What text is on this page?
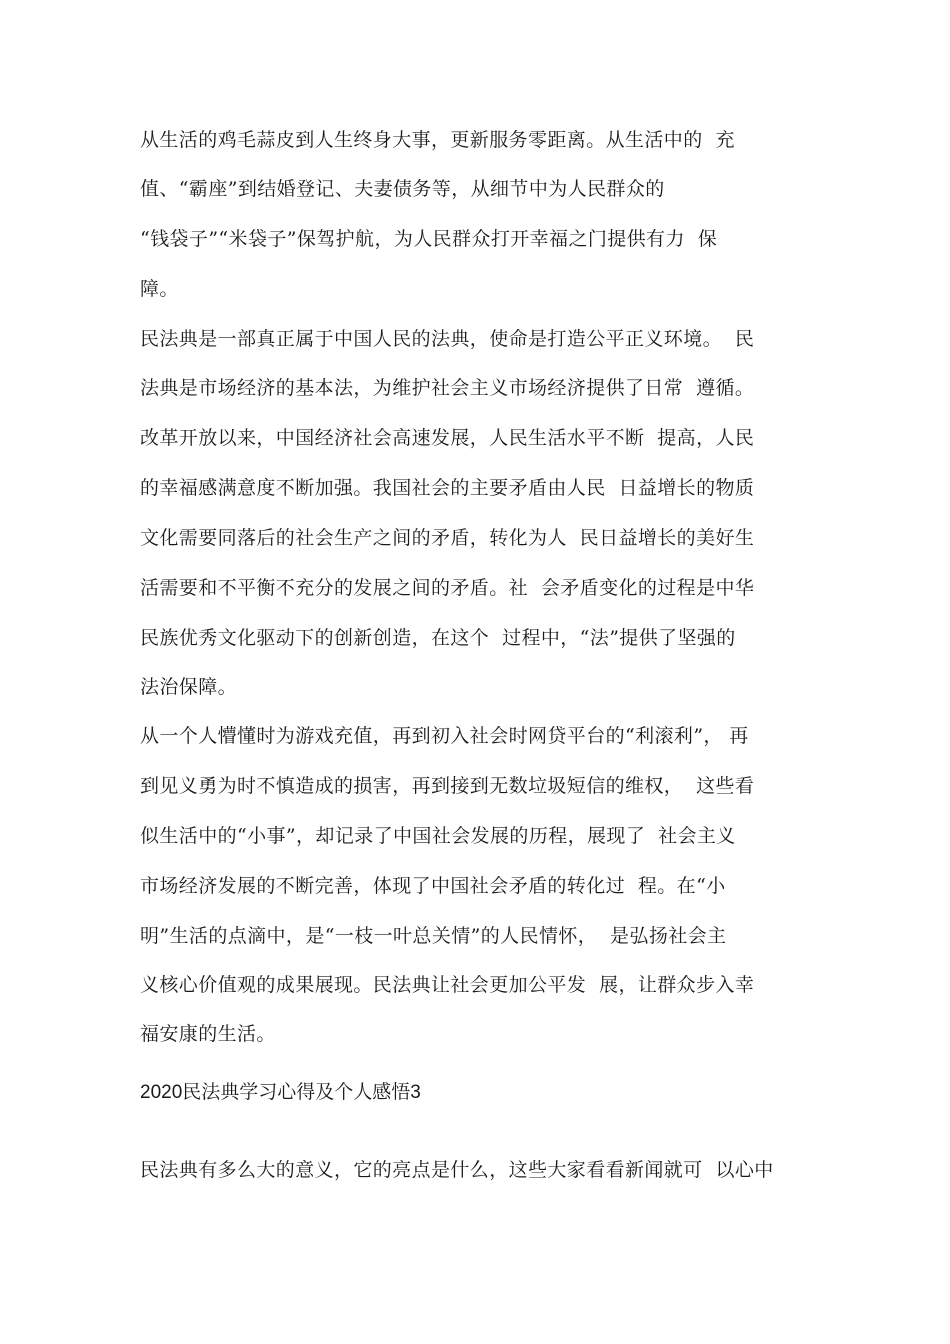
从生活的鸡毛蒜皮到人生终身大事，更新服务零距离。从生活中的  充
值、“霸座”到结婚登记、夫妻债务等，从细节中为人民群众的
“钱袋子”“米袋子”保驾护航，为人民群众打开幸福之门提供有力  保
障。
民法典是一部真正属于中国人民的法典，使命是打造公平正义环境。  民
法典是市场经济的基本法，为维护社会主义市场经济提供了日常  遵循。
改革开放以来，中国经济社会高速发展，人民生活水平不断  提高，人民
的幸福感满意度不断加强。我国社会的主要矛盾由人民  日益增长的物质
文化需要同落后的社会生产之间的矛盾，转化为人  民日益增长的美好生
活需要和不平衡不充分的发展之间的矛盾。社  会矛盾变化的过程是中华
民族优秀文化驱动下的创新创造，在这个  过程中，“法”提供了坚强的
法治保障。
从一个人懵懂时为游戏充值，再到初入社会时网贷平台的“利滚利”， 再
到见义勇为时不慎造成的损害，再到接到无数垃圾短信的维权，  这些看
似生活中的“小事”，却记录了中国社会发展的历程，展现了  社会主义
市场经济发展的不断完善，体现了中国社会矛盾的转化过  程。在“小
明”生活的点滴中，是“一枝一叶总关情”的人民情怀，  是弘扬社会主
义核心价值观的成果展现。民法典让社会更加公平发  展，让群众步入幸
福安康的生活。
2020民法典学习心得及个人感悟3
民法典有多么大的意义，它的亮点是什么，这些大家看看新闻就可  以心中
